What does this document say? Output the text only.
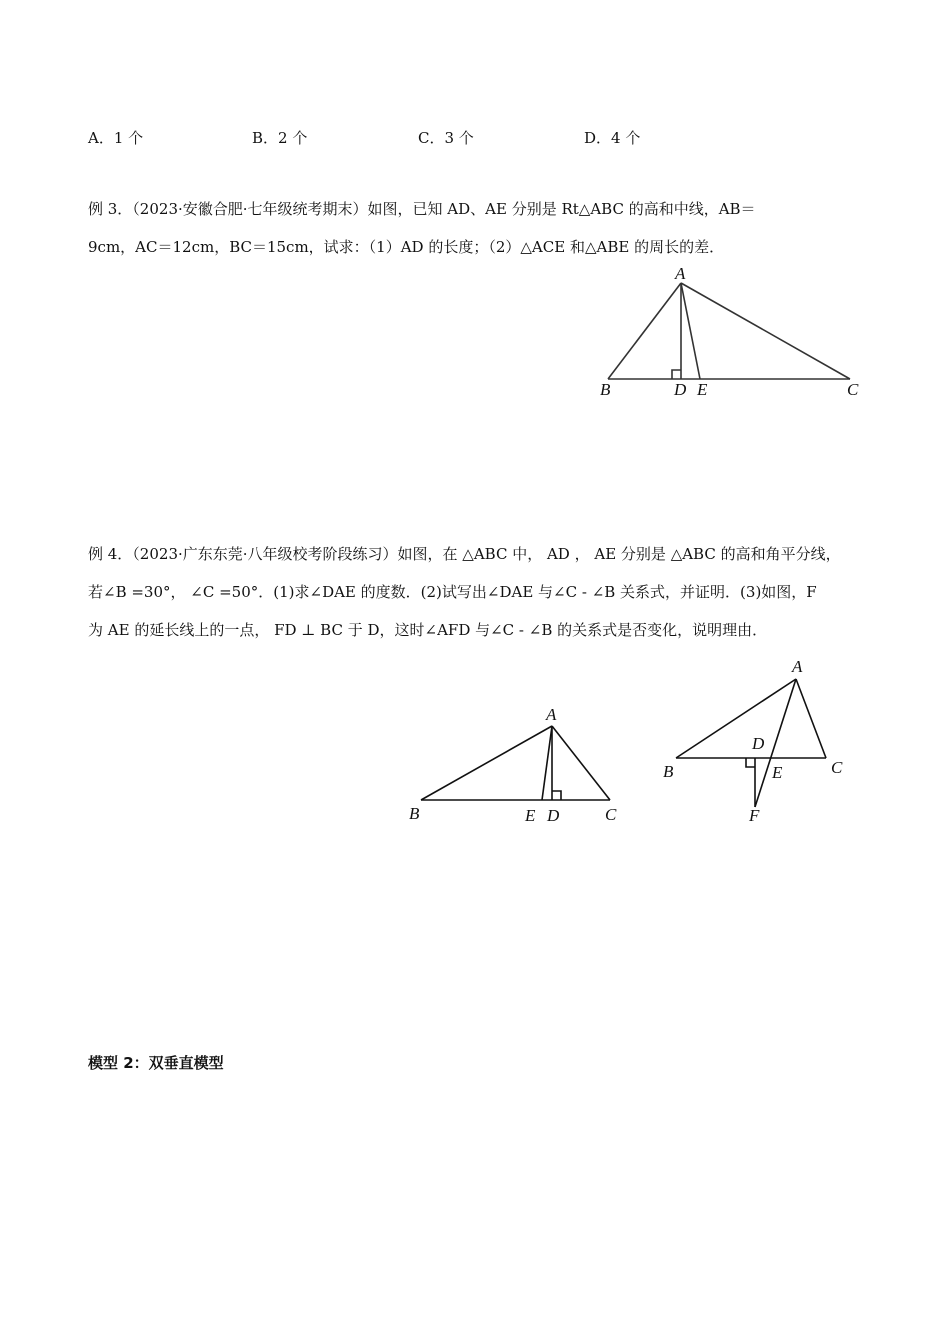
A．1 个	B．2 个	C．3 个	D．4 个
例 3．（2023·安徽合肥·七年级统考期末）如图，已知 AD、AE 分别是 Rt△ABC 的高和中线，AB＝
9cm，AC＝12cm，BC＝15cm，试求：（1）AD 的长度；（2）△ACE 和△ABE 的周长的差．
A
B	D E	C
例 4．（2023·广东东莞·八年级校考阶段练习）如图，在 △ABC 中， AD ， AE 分别是 △ABC 的高和角平分线，
若∠B =30°， ∠C =50°．(1)求∠DAE 的度数．(2)试写出∠DAE 与∠C - ∠B 关系式，并证明．(3)如图，F
为 AE 的延长线上的一点， FD ⊥ BC 于 D，这时∠AFD 与∠C - ∠B 的关系式是否变化，说明理由．
A
B	E D	C
A
D
B	E	C
F
模型 2：双垂直模型
